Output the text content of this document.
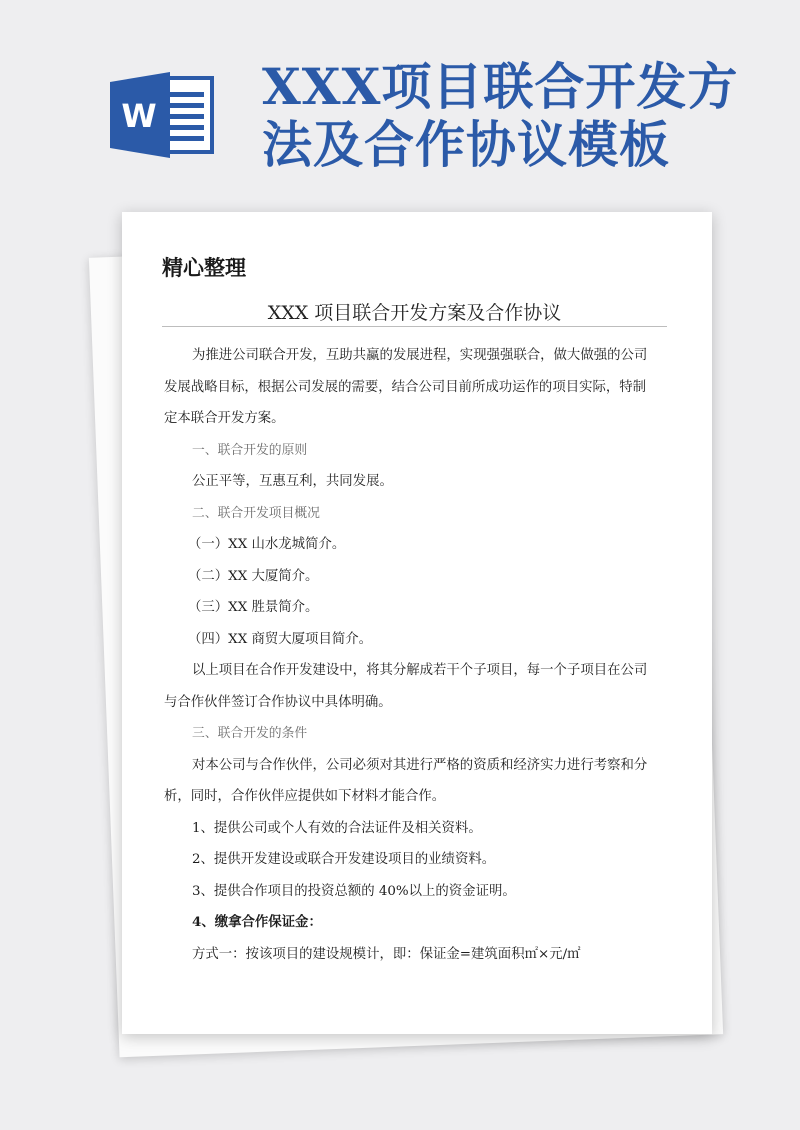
W XXX项目联合开发方
法及合作协议模板
精心整理
XXX 项目联合开发方案及合作协议
为推进公司联合开发，互助共赢的发展进程，实现强强联合，做大做强的公司
发展战略目标，根据公司发展的需要，结合公司目前所成功运作的项目实际，特制
定本联合开发方案。
一、联合开发的原则
公正平等，互惠互利，共同发展。
二、联合开发项目概况
（一）XX 山水龙城简介。
（二）XX 大厦简介。
（三）XX 胜景简介。
（四）XX 商贸大厦项目简介。
以上项目在合作开发建设中，将其分解成若干个子项目，每一个子项目在公司
与合作伙伴签订合作协议中具体明确。
三、联合开发的条件
对本公司与合作伙伴，公司必须对其进行严格的资质和经济实力进行考察和分
析，同时，合作伙伴应提供如下材料才能合作。
1、提供公司或个人有效的合法证件及相关资料。
2、提供开发建设或联合开发建设项目的业绩资料。
3、提供合作项目的投资总额的 40%以上的资金证明。
4、缴拿合作保证金：
方式一：按该项目的建设规模计，即：保证金=建筑面积㎡×元/㎡
